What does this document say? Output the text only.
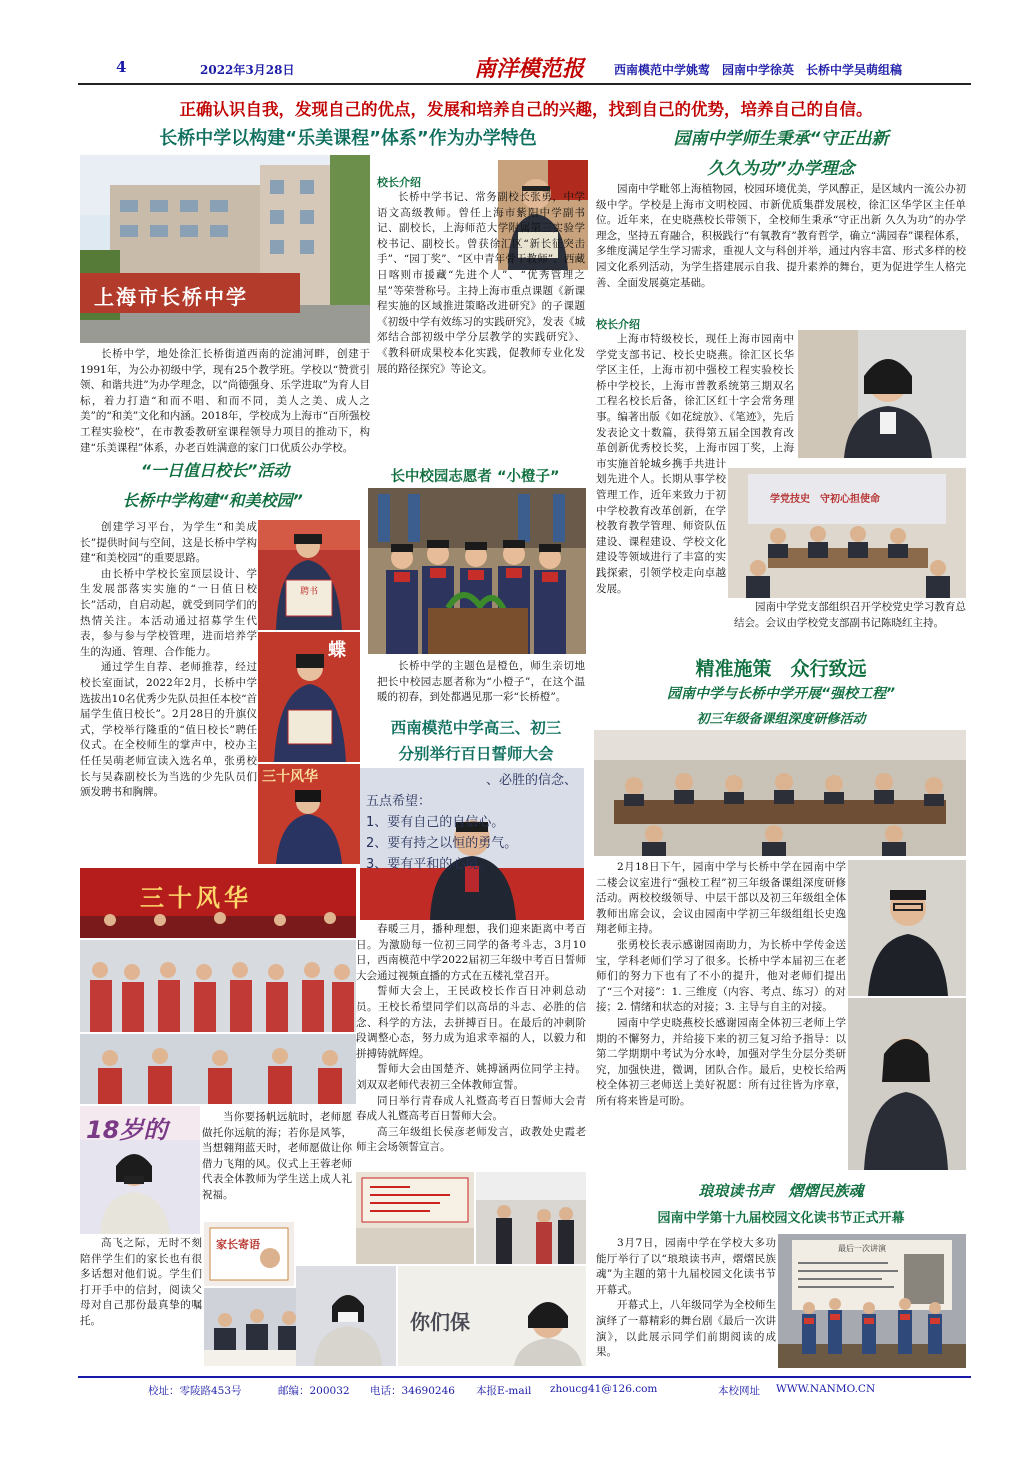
4	2022年3月28日	南洋模范报 西南模范中学姚莺　园南中学徐英　长桥中学吴萌组稿
正确认识自我，发现自己的优点，发展和培养自己的兴趣，找到自己的优势，培养自己的自信。
长桥中学以构建“乐美课程”体系”作为办学特色
上海市长桥中学
校长介绍

长桥中学书记、常务副校长张勇，中学语文高级教师。曾任上海市紫阳中学副书记、副校长，上海师范大学附属第三实验学校书记、副校长。曾获徐汇区“新长征突击手”、“园丁奖”、“区中青年骨干教师”、西藏日喀则市援藏“先进个人”、“优秀管理之星”等荣誉称号。主持上海市重点课题《新课程实施的区域推进策略改进研究》的子课题《初级中学有效练习的实践研究》，发表《城郊结合部初级中学分层教学的实践研究》、《教科研成果校本化实践，促教师专业化发展的路径探究》等论文。

长桥中学，地处徐汇长桥街道西南的淀浦河畔，创建于1991年，为公办初级中学，现有25个教学班。学校以“赞赏引领、和谐共进”为办学理念，以“尚德强身、乐学进取”为育人目标，着力打造“和而不唱、和而不同，美人之美、成人之美”的“和美”文化和内涵。2018年，学校成为上海市“百所强校工程实验校”，在市教委教研室课程领导力项目的推动下，构建“乐美课程”体系，办老百姓满意的家门口优质公办学校。

“一日值日校长”活动
长桥中学构建“和美校园”

创建学习平台，为学生“和美成长”提供时间与空间，这是长桥中学构建“和美校园”的重要思路。

由长桥中学校长室顶层设计、学生发展部落实实施的“一日值日校长”活动，自启动起，就受到同学们的热情关注。本活动通过招募学生代表，参与参与学校管理，进而培养学生的沟通、管理、合作能力。

通过学生自荐、老师推荐，经过校长室面试，2022年2月，长桥中学选拔出10名优秀少先队员担任本校“首届学生值日校长”。2月28日的升旗仪式，学校举行隆重的“值日校长”聘任仪式。在全校师生的掌声中，校办主任任吴萌老师宣读入选名单，张勇校长与吴森副校长为当选的少先队员们颁发聘书和胸牌。

聘书
蝶
三十风华
长中校园志愿者 “小橙子”

长桥中学的主题色是橙色，师生亲切地把长中校园志愿者称为“小橙子”，在这个温暖的初春，到处都遇见那一彩“长桥橙”。

西南模范中学高三、初三
分别举行百日誓师大会
、必胜的信念、
五点希望：
1、要有自己的自信心。
2、要有持之以恒的勇气。
3、要有平和的心境。

春暖三月，播种理想，我们迎来距离中考百日。为激励每一位初三同学的备考斗志，3月10日，西南模范中学2022届初三年级中考百日誓师大会通过视频直播的方式在五楼礼堂召开。

誓师大会上，王民政校长作百日冲刺总动员。王校长希望同学们以高昂的斗志、必胜的信念、科学的方法，去拼搏百日。在最后的冲刺阶段调整心态，努力成为追求幸福的人，以毅力和拼搏铸就辉煌。

誓师大会由国楚齐、姚搏涵两位同学主持。刘双双老师代表初三全体教师宣誓。

同日举行青春成人礼暨高考百日誓师大会青春成人礼暨高考百日誓师大会。

高三年级组长侯彦老师发言，政教处史霞老师主会场领誓宣言。

三十风华
18岁的	当你要扬帆远航时，老师愿做托你远航的海；若你是风筝，当想翱翔蓝天时，老师愿做让你借力飞翔的风。仪式上王蓉老师代表全体教师为学生送上成人礼祝福。

高飞之际，无时不刻陪伴学生们的家长也有很多话想对他们说。学生们打开手中的信封，阅读父母对自己那份最真挚的嘱托。

家长寄语
你们保
园南中学师生秉承“守正出新
久久为功”办学理念

园南中学毗邻上海植物园，校园环境优美，学风醇正，是区域内一流公办初级中学。学校是上海市文明校园、市新优质集群发展校，徐汇区华学区主任单位。近年来，在史晓燕校长带领下，全校师生秉承“守正出新 久久为功”的办学理念，坚持五育融合，积极践行“有氧教育”教育哲学，确立“满园春”课程体系，多维度满足学生学习需求，重视人文与科创并举，通过内容丰富、形式多样的校园文化系列活动，为学生搭建展示自我、提升素养的舞台，更为促进学生人格完善、全面发展奠定基础。

校长介绍

上海市特级校长，现任上海市园南中学党支部书记、校长史晓燕。徐汇区长华学区主任，上海市初中强校工程实验校长桥中学校长，上海市普教系统第三期双名工程名校长后备，徐汇区红十字会常务理事。编著出版《如花绽放》、《笔迹》，先后发表论文十数篇，获得第五届全国教育改革创新优秀校长奖，上海市园丁奖，上海市实施首轮城乡携手共进计划先进个人。长期从事学校管理工作，近年来致力于初中学校教育改革创新，在学校教育教学管理、师资队伍建设、课程建设、学校文化建设等领域进行了丰富的实践探索，引领学校走向卓越发展。

学党技史　守初心担使命

园南中学党支部组织召开学校党史学习教育总结会。会议由学校党支部副书记陈晓红主持。

精准施策　众行致远
园南中学与长桥中学开展“强校工程”
初三年级备课组深度研修活动

2月18日下午，园南中学与长桥中学在园南中学二楼会议室进行“强校工程”初三年级备课组深度研修活动。两校校级领导、中层干部以及初三年级组全体教师出席会议，会议由园南中学初三年级组组长史逸翔老师主持。

张勇校长表示感谢园南助力，为长桥中学传金送宝，学科老师们学习了很多。长桥中学本届初三在老师们的努力下也有了不小的提升，他对老师们提出了“三个对接”：1. 三维度（内容、考点、练习）的对接；2. 情绪和状态的对接；3. 主导与自主的对接。

园南中学史晓燕校长感谢园南全体初三老师上学期的不懈努力，并给接下来的初三复习给予指导：以第二学期期中考试为分水岭，加强对学生分层分类研究，加强快进，微调，团队合作。最后，史校长给两校全体初三老师送上美好祝愿：所有过往皆为序章，所有将来皆是可盼。

琅琅读书声　熠熠民族魂
园南中学第十九届校园文化读书节正式开幕

3月7日，园南中学在学校大多功能厅举行了以“琅琅读书声，熠熠民族魂”为主题的第十九届校园文化读书节开幕式。

开幕式上，八年级同学为全校师生演绎了一幕精彩的舞台剧《最后一次讲演》，以此展示同学们前期阅读的成果。

最后一次讲演
校址：零陵路453号	邮编：200032 电话：34690246 本报E-mail zhoucg41@126.com	本校网址 WWW.NANMO.CN
